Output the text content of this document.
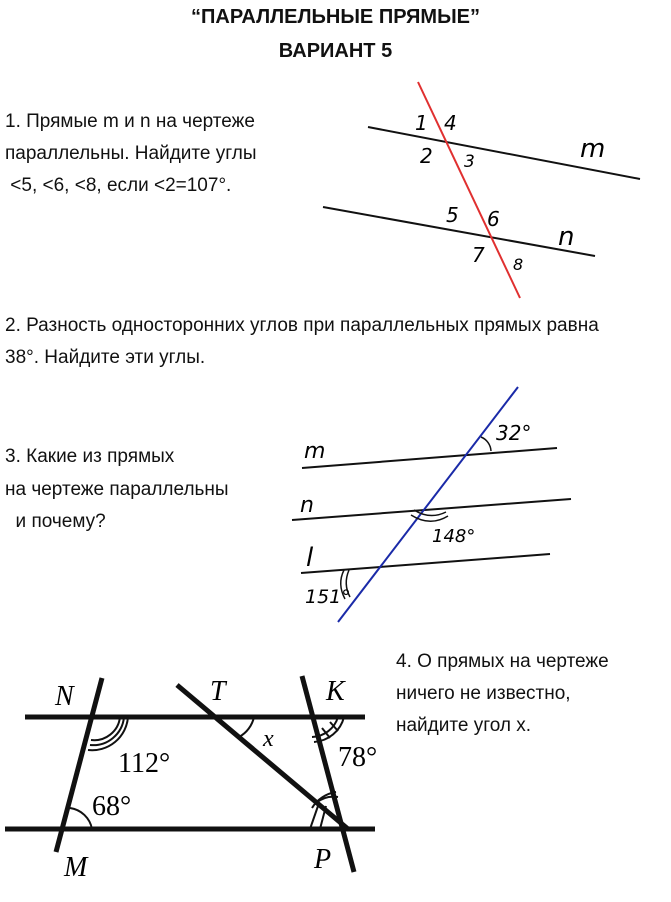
“ПАРАЛЛЕЛЬНЫЕ ПРЯМЫЕ”
ВАРИАНТ 5
1. Прямые m и n на чертеже
параллельны. Найдите углы
<5, <6, <8, если <2=107°.
1 4
2 3
5 6
7 8
m
n
2. Разность односторонних углов при параллельных прямых равна
38°. Найдите эти углы.
3. Какие из прямых
на чертеже параллельны
и почему?
m
n
l
32°
148°
151°
4. О прямых на чертеже
ничего не известно,
найдите угол x.
N	T	K
M	P
x
112°
68°
78°
